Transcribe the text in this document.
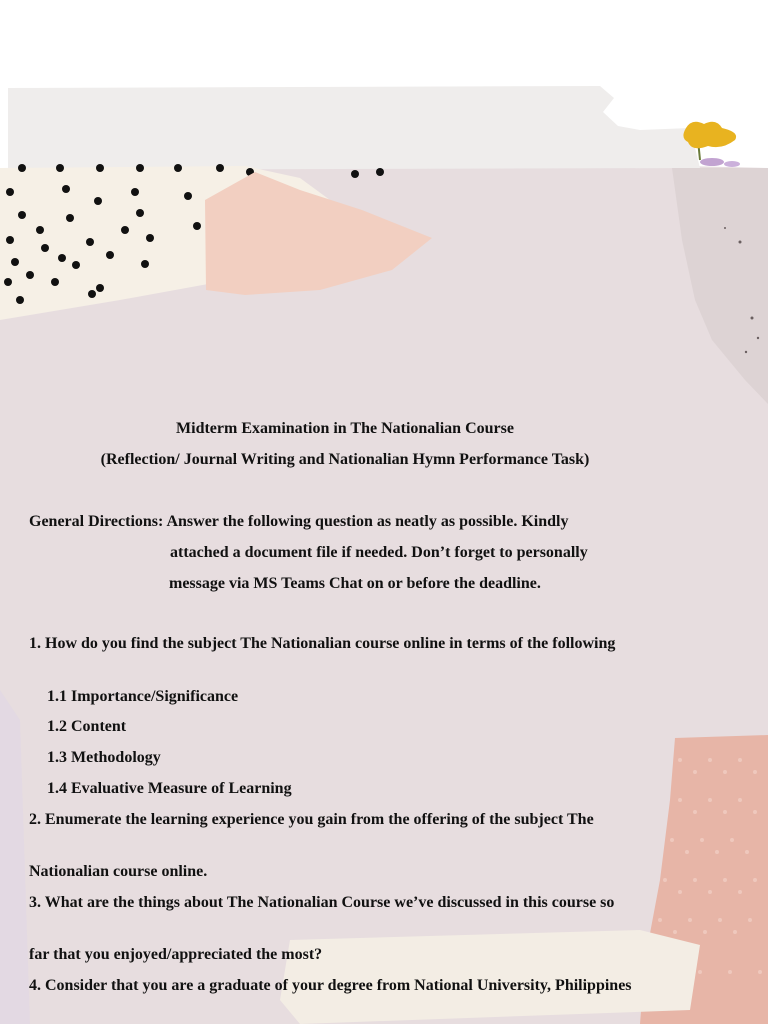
Midterm Examination in The Nationalian Course
(Reflection/ Journal Writing and Nationalian Hymn Performance Task)
General Directions: Answer the following question as neatly as possible. Kindly
attached a document file if needed. Don’t forget to personally
message via MS Teams Chat on or before the deadline.
1. How do you find the subject The Nationalian course online in terms of the following
1.1 Importance/Significance
1.2 Content
1.3 Methodology
1.4 Evaluative Measure of Learning
2. Enumerate the learning experience you gain from the offering of the subject The
Nationalian course online.
3. What are the things about The Nationalian Course we’ve discussed in this course so
far that you enjoyed/appreciated the most?
4. Consider that you are a graduate of your degree from National University, Philippines
